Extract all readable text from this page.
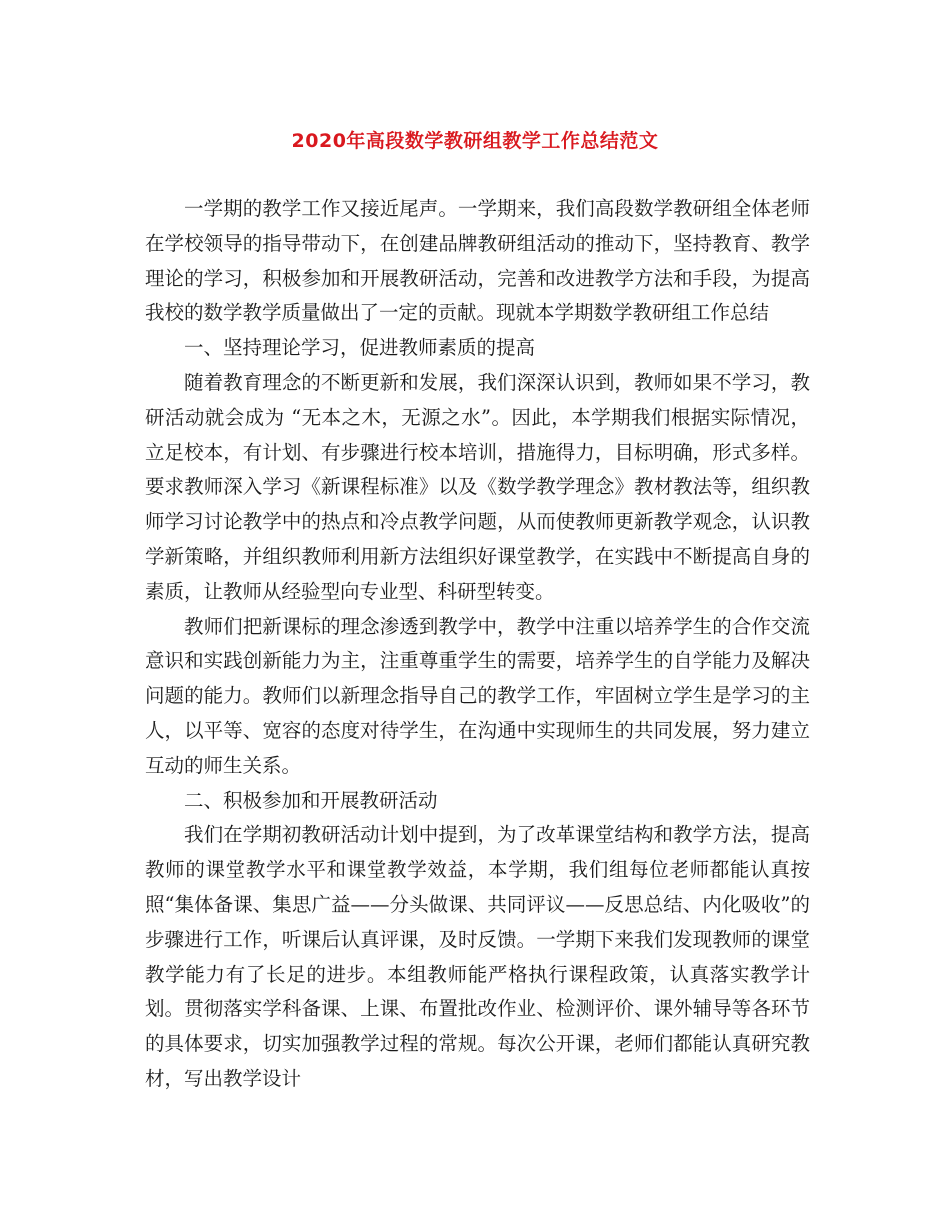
2020年高段数学教研组教学工作总结范文

一学期的教学工作又接近尾声。一学期来，我们高段数学教研组全体老师在学校领导的指导带动下，在创建品牌教研组活动的推动下，坚持教育、教学理论的学习，积极参加和开展教研活动，完善和改进教学方法和手段，为提高我校的数学教学质量做出了一定的贡献。现就本学期数学教研组工作总结

一、坚持理论学习，促进教师素质的提高

随着教育理念的不断更新和发展，我们深深认识到，教师如果不学习，教研活动就会成为 “无本之木，无源之水”。因此，本学期我们根据实际情况，立足校本，有计划、有步骤进行校本培训，措施得力，目标明确，形式多样。要求教师深入学习《新课程标准》以及《数学教学理念》教材教法等，组织教师学习讨论教学中的热点和冷点教学问题，从而使教师更新教学观念，认识教学新策略，并组织教师利用新方法组织好课堂教学，在实践中不断提高自身的素质，让教师从经验型向专业型、科研型转变。

教师们把新课标的理念渗透到教学中，教学中注重以培养学生的合作交流意识和实践创新能力为主，注重尊重学生的需要，培养学生的自学能力及解决问题的能力。教师们以新理念指导自己的教学工作，牢固树立学生是学习的主人，以平等、宽容的态度对待学生，在沟通中实现师生的共同发展，努力建立互动的师生关系。

二、积极参加和开展教研活动

我们在学期初教研活动计划中提到，为了改革课堂结构和教学方法，提高教师的课堂教学水平和课堂教学效益，本学期，我们组每位老师都能认真按照“集体备课、集思广益——分头做课、共同评议——反思总结、内化吸收”的步骤进行工作，听课后认真评课，及时反馈。一学期下来我们发现教师的课堂教学能力有了长足的进步。本组教师能严格执行课程政策，认真落实教学计划。贯彻落实学科备课、上课、布置批改作业、检测评价、课外辅导等各环节的具体要求，切实加强教学过程的常规。每次公开课，老师们都能认真研究教材，写出教学设计
